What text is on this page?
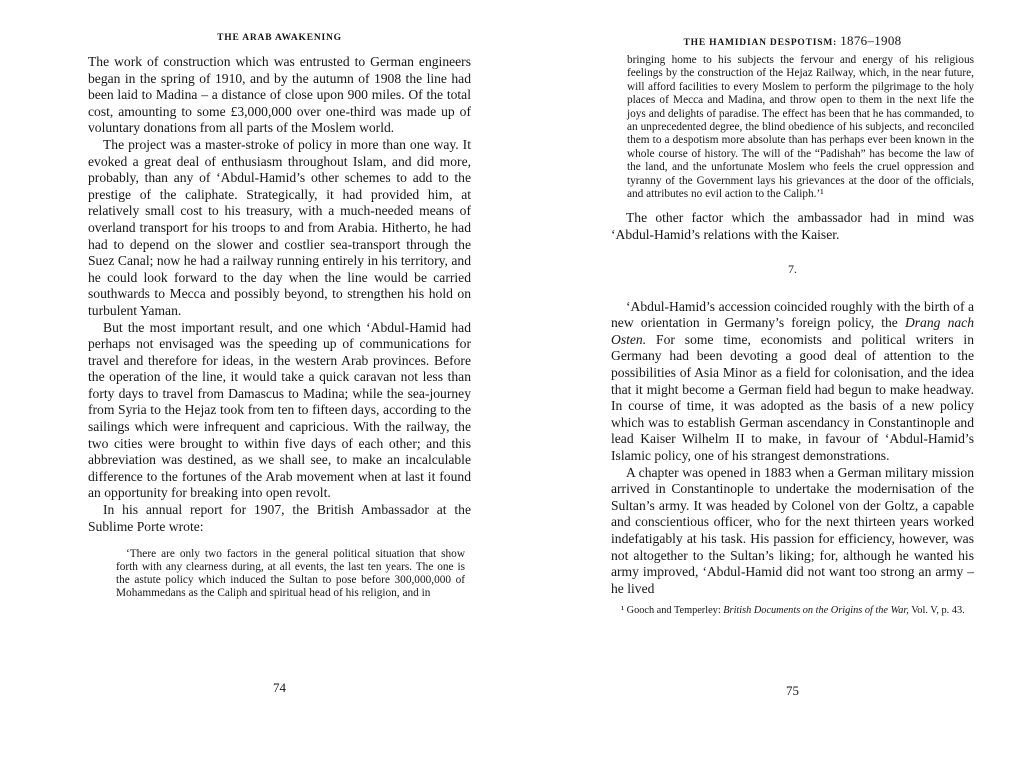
THE ARAB AWAKENING

The work of construction which was entrusted to German engineers began in the spring of 1910, and by the autumn of 1908 the line had been laid to Madina – a distance of close upon 900 miles. Of the total cost, amounting to some £3,000,000 over one-third was made up of voluntary donations from all parts of the Moslem world.

The project was a master-stroke of policy in more than one way. It evoked a great deal of enthusiasm throughout Islam, and did more, probably, than any of ‘Abdul-Hamid’s other schemes to add to the prestige of the caliphate. Strategically, it had provided him, at relatively small cost to his treasury, with a much-needed means of overland transport for his troops to and from Arabia. Hitherto, he had had to depend on the slower and costlier sea-transport through the Suez Canal; now he had a railway running entirely in his territory, and he could look forward to the day when the line would be carried southwards to Mecca and possibly beyond, to strengthen his hold on turbulent Yaman.

But the most important result, and one which ‘Abdul-Hamid had perhaps not envisaged was the speeding up of communications for travel and therefore for ideas, in the western Arab provinces. Before the operation of the line, it would take a quick caravan not less than forty days to travel from Damascus to Madina; while the sea-journey from Syria to the Hejaz took from ten to fifteen days, according to the sailings which were infrequent and capricious. With the railway, the two cities were brought to within five days of each other; and this abbreviation was destined, as we shall see, to make an incalculable difference to the fortunes of the Arab movement when at last it found an opportunity for breaking into open revolt.

In his annual report for 1907, the British Ambassador at the Sublime Porte wrote:

‘There are only two factors in the general political situation that show forth with any clearness during, at all events, the last ten years. The one is the astute policy which induced the Sultan to pose before 300,000,000 of Mohammedans as the Caliph and spiritual head of his religion, and in

74
THE HAMIDIAN DESPOTISM: 1876–1908

bringing home to his subjects the fervour and energy of his religious feelings by the construction of the Hejaz Railway, which, in the near future, will afford facilities to every Moslem to perform the pilgrimage to the holy places of Mecca and Madina, and throw open to them in the next life the joys and delights of paradise. The effect has been that he has commanded, to an unprecedented degree, the blind obedience of his subjects, and reconciled them to a despotism more absolute than has perhaps ever been known in the whole course of history. The will of the “Padishah” has become the law of the land, and the unfortunate Moslem who feels the cruel oppression and tyranny of the Government lays his grievances at the door of the officials, and attributes no evil action to the Caliph.’¹

The other factor which the ambassador had in mind was ‘Abdul-Hamid’s relations with the Kaiser.

7.

‘Abdul-Hamid’s accession coincided roughly with the birth of a new orientation in Germany’s foreign policy, the Drang nach Osten. For some time, economists and political writers in Germany had been devoting a good deal of attention to the possibilities of Asia Minor as a field for colonisation, and the idea that it might become a German field had begun to make headway. In course of time, it was adopted as the basis of a new policy which was to establish German ascendancy in Constantinople and lead Kaiser Wilhelm II to make, in favour of ‘Abdul-Hamid’s Islamic policy, one of his strangest demonstrations.

A chapter was opened in 1883 when a German military mission arrived in Constantinople to undertake the modernisation of the Sultan’s army. It was headed by Colonel von der Goltz, a capable and conscientious officer, who for the next thirteen years worked indefatigably at his task. His passion for efficiency, however, was not altogether to the Sultan’s liking; for, although he wanted his army improved, ‘Abdul-Hamid did not want too strong an army – he lived

¹ Gooch and Temperley: British Documents on the Origins of the War, Vol. V, p. 43.

75
